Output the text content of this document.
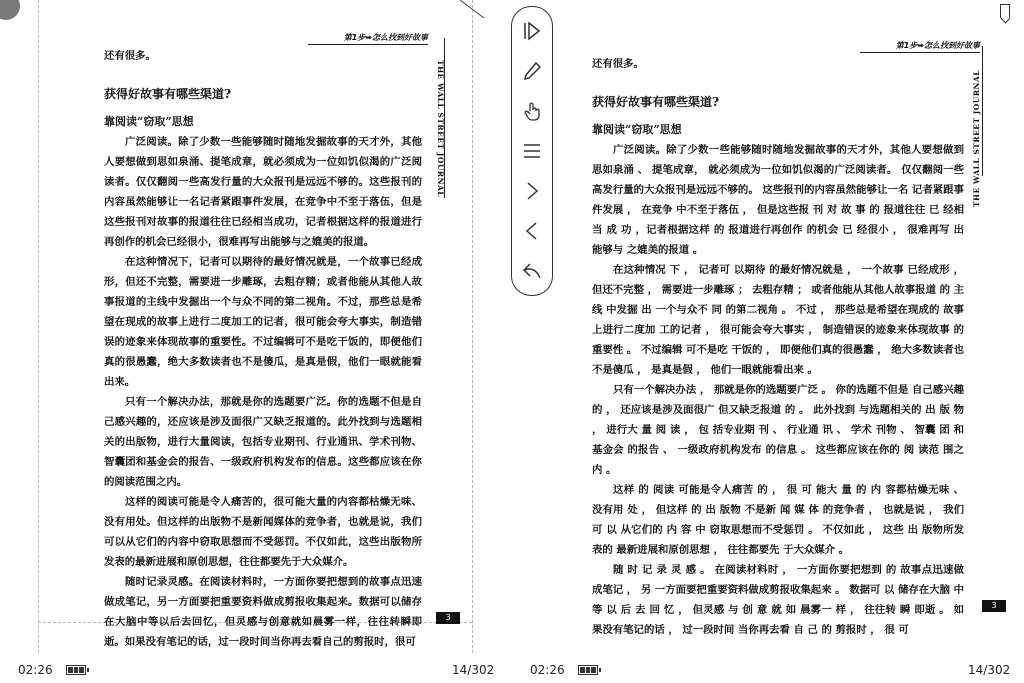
第1步➡怎么找到好故事
THE WALL STREET JOURNAL

还有很多。

获得好故事有哪些渠道?

靠阅读“窃取”思想

广泛阅读。除了少数一些能够随时随地发掘故事的天才外，其他人要想做到思如泉涌、提笔成章，就必须成为一位如饥似渴的广泛阅读者。仅仅翻阅一些高发行量的大众报刊是远远不够的。这些报刊的内容虽然能够让一名记者紧跟事件发展，在竞争中不至于落伍，但是这些报刊对故事的报道往往已经相当成功，记者根据这样的报道进行再创作的机会已经很小，很难再写出能够与之媲美的报道。

在这种情况下，记者可以期待的最好情况就是，一个故事已经成形，但还不完整，需要进一步雕琢，去粗存精；或者他能从其他人故事报道的主线中发掘出一个与众不同的第二视角。不过，那些总是希望在现成的故事上进行二度加工的记者，很可能会夸大事实，制造错误的迹象来体现故事的重要性。不过编辑可不是吃干饭的，即便他们真的很愚蠢，绝大多数读者也不是傻瓜，是真是假，他们一眼就能看出来。

只有一个解决办法，那就是你的选题要广泛。你的选题不但是自己感兴趣的，还应该是涉及面很广又缺乏报道的。此外找到与选题相关的出版物，进行大量阅读，包括专业期刊、行业通讯、学术刊物、智囊团和基金会的报告、一级政府机构发布的信息。这些都应该在你的阅读范围之内。

这样的阅读可能是令人痛苦的，很可能大量的内容都枯燥无味、没有用处。但这样的出版物不是新闻媒体的竞争者，也就是说，我们可以从它们的内容中窃取思想而不受惩罚。不仅如此，这些出版物所发表的最新进展和原创思想，往往都要先于大众媒介。

随时记录灵感。在阅读材料时，一方面你要把想到的故事点迅速做成笔记，另一方面要把重要资料做成剪报收集起来。数据可以储存在大脑中等以后去回忆，但灵感与创意就如晨雾一样，往往转瞬即逝。如果没有笔记的话，过一段时间当你再去看自己的剪报时，很可

3
02:26	14/302
第1步➡怎么找到好故事
THE WALL STREET JOURNAL

还有很多。

获得好故事有哪些渠道?

靠阅读“窃取”思想

广泛阅读。除了少数一些能够随时随地发掘故事的天才外，其他人要想做到思如泉涌 、 提笔成章， 就必须成为一位如饥似渴的广泛阅读者。 仅仅翻阅一些高发行量的大众报刊是远远不够的。 这些报刊的内容虽然能够让一名 记者紧跟事件发展 ， 在竞争 中不至于落伍 ， 但是这些报 刊 对 故 事 的 报道往往 已 经相 当 成 功 ，记者根据这样 的 报道进行再创作 的机会 已 经很小 ， 很难再写 出 能够与 之媲美的报道 。

在这种情况 下 ， 记者可 以期待 的最好情况就是 ， 一个故事 已经成形 ， 但还不完整 ， 需要进一步雕琢 ； 去粗存精 ； 或者他能从其他人故事报道 的 主线 中发掘 出 一个与众不 同 的第二视角 。 不过 ， 那些总是希望在现成的 故事 上进行二度加 工的记者 ， 很可能会夸大事实 ， 制造错误的迹象来体现故事 的重要性 。 不过编辑 可不是吃 干饭的 ， 即便他们真的很愚蠢 ， 绝大多数读者也不是傻瓜 ， 是真是假 ， 他们一眼就能看出来 。

只有一个解决办法 ， 那就是你的选题要广泛 。 你的选题不但是 自己感兴趣的 ， 还应该是涉及面很广 但又缺乏报道 的 。 此外找到 与选题相关的 出 版 物 ， 进行大 量 阅 读 ， 包 括专业期 刊 、 行业通 讯 、 学术 刊物 、 智囊 团 和基金会 的报告 、 一级政府机构发布 的信息 。 这些都应该在你的 阅 读范 围之内 。

这样 的 阅读 可能是令人痛苦 的 ， 很 可 能大 量 的 内 容都枯燥无味 、 没有用 处 ， 但这样 的 出 版物 不是新 闻 媒 体 的竞争者 ， 也就是说 ， 我们 可 以 从它们的 内 容 中 窃取思想而不受惩罚 。 不仅如此 ， 这些 出 版物所发表的 最新进展和原创思想 ， 往往都要先 于大众媒介 。

随 时 记 录 灵 感 。 在阅读材料时 ， 一方面你要把想到 的 故事点迅速做成笔记 ， 另 一方面要把重要资料做成剪报收集起来 。 数据可 以 储存在大脑 中 等 以 后 去 回 忆 ， 但灵感 与 创 意 就 如 晨雾一 样 ， 往往转 瞬 即逝 。 如果没有笔记的话 ， 过一段时间 当你再去看 自 己 的 剪报时 ， 很 可

3
02:26	14/302
